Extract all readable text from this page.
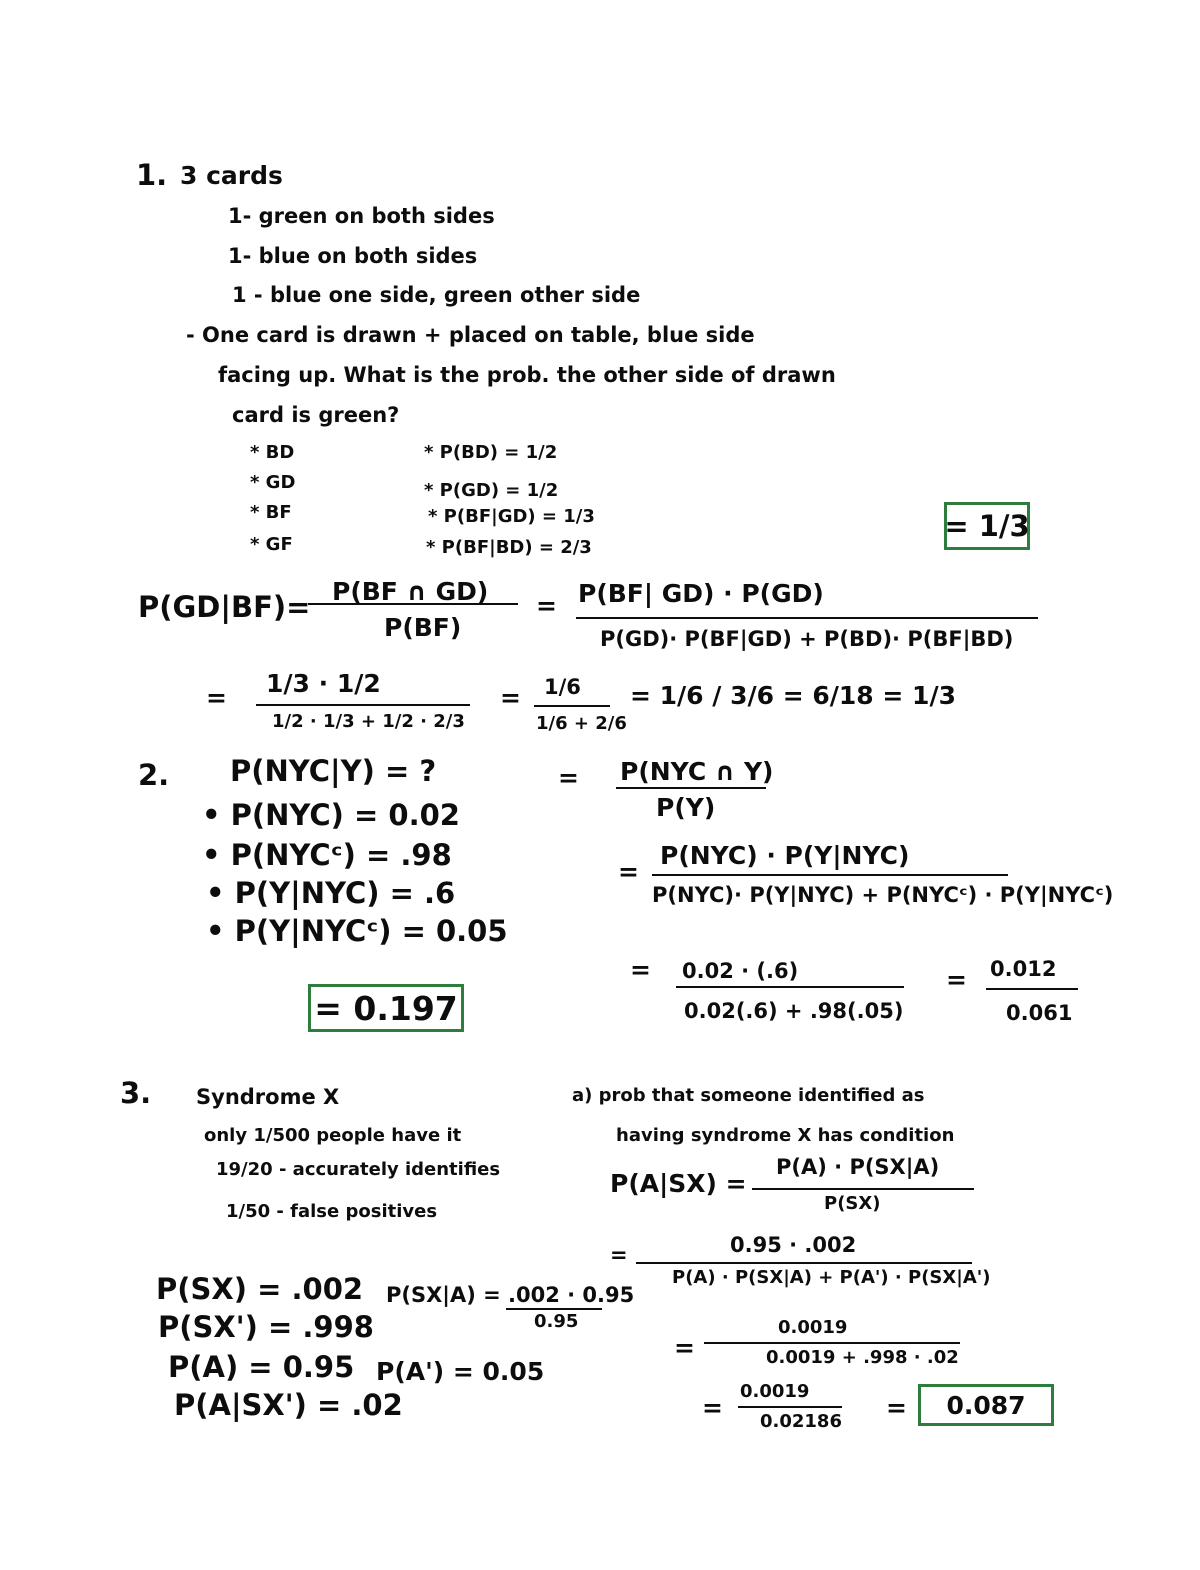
1. 3 cards
1- green on both sides
1- blue on both sides
1 - blue one side, green other side
- One card is drawn + placed on table, blue side
facing up. What is the prob. the other side of drawn
card is green?
* BD
* GD
* BF
* GF
* P(BD) = 1/2
* P(GD) = 1/2
* P(BF|GD) = 1/3
* P(BF|BD) = 2/3
= 1/3
P(GD|BF)= P(BF ∩ GD)
P(BF)
= P(BF| GD) · P(GD)
P(GD)· P(BF|GD) + P(BD)· P(BF|BD)
= 1/3 · 1/2
1/2 · 1/3 + 1/2 · 2/3
= 1/6
1/6 + 2/6
= 1/6 / 3/6 = 6/18 = 1/3
2. P(NYC|Y) = ?
• P(NYC) = 0.02
• P(NYCᶜ) = .98
• P(Y|NYC) = .6
• P(Y|NYCᶜ) = 0.05
= 0.197
= P(NYC ∩ Y)
P(Y)
=
P(NYC) · P(Y|NYC)
P(NYC)· P(Y|NYC) + P(NYCᶜ) · P(Y|NYCᶜ)
= 0.02 · (.6)
0.02(.6) + .98(.05)
= 0.012
0.061
3. Syndrome X
only 1/500 people have it
19/20 - accurately identifies
1/50 - false positives
a) prob that someone identified as
having syndrome X has condition
P(A|SX) =
P(A) · P(SX|A)
P(SX)
=	0.95 · .002
P(A) · P(SX|A) + P(A') · P(SX|A')
=
0.0019
0.0019 + .998 · .02
=
0.0019
0.02186 =	0.087
P(SX) = .002
P(SX') = .998
P(A) = 0.95
P(A|SX') = .02
P(SX|A) = .002 · 0.95
0.95
P(A') = 0.05
